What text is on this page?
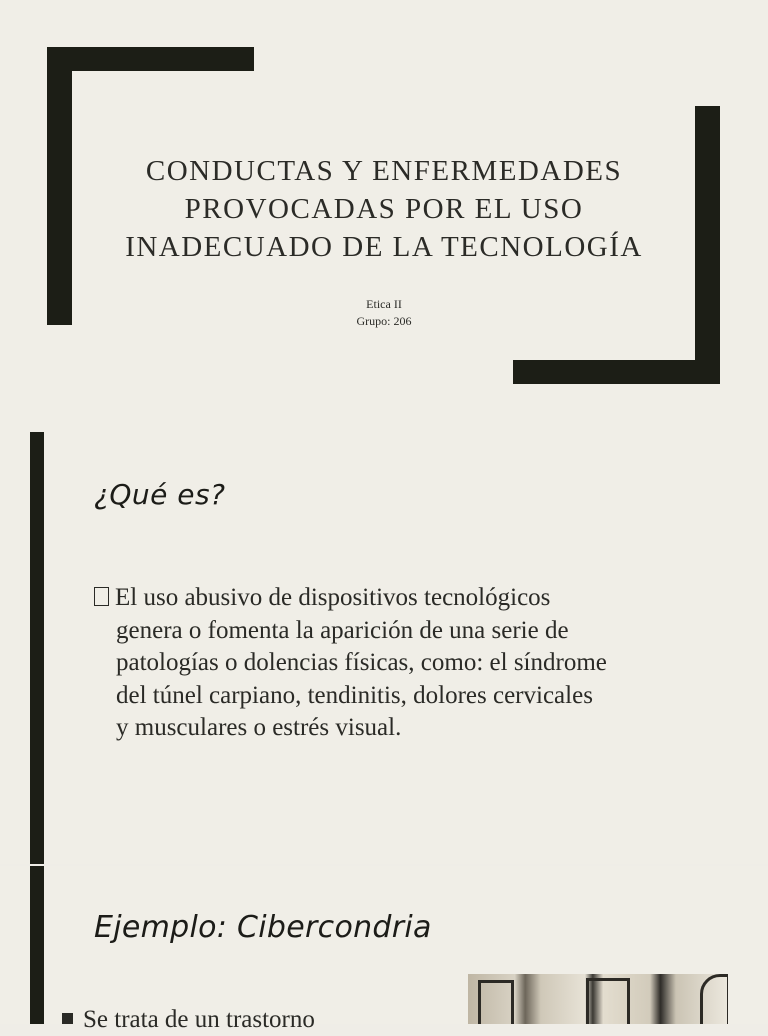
CONDUCTAS Y ENFERMEDADES
PROVOCADAS POR EL USO
INADECUADO DE LA TECNOLOGÍA
Etica II
Grupo: 206
¿Qué es?
El uso abusivo de dispositivos tecnológicos
genera o fomenta la aparición de una serie de
patologías o dolencias físicas, como: el síndrome
del túnel carpiano, tendinitis, dolores cervicales
y musculares o estrés visual.
Ejemplo: Cibercondria
Se trata de un trastorno
